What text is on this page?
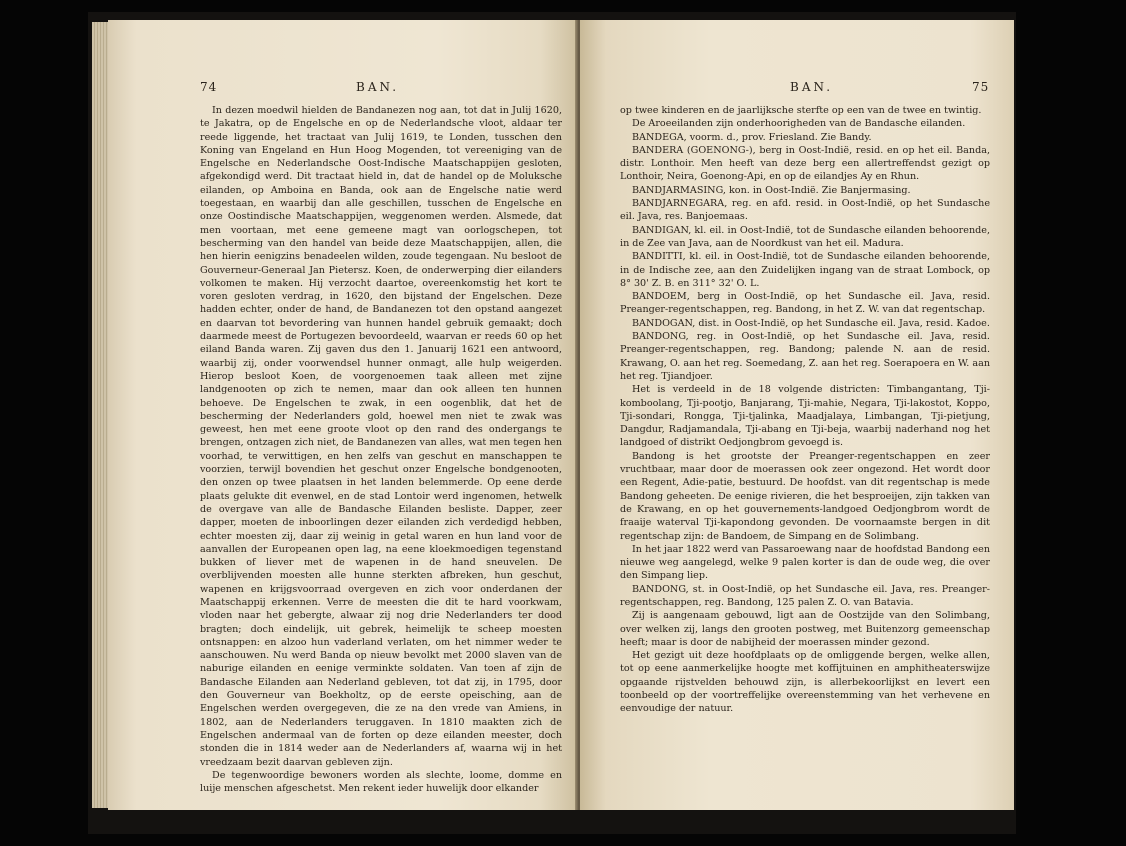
74	BAN.

In dezen moedwil hielden de Bandanezen nog aan, tot dat in Julij 1620, te Jakatra, op de Engelsche en op de Nederlandsche vloot, aldaar ter reede liggende, het tractaat van Julij 1619, te Londen, tusschen den Koning van Engeland en Hun Hoog Mogenden, tot vereeniging van de Engelsche en Nederlandsche Oost-Indische Maatschappijen gesloten, afgekondigd werd. Dit tractaat hield in, dat de handel op de Moluksche eilanden, op Amboina en Banda, ook aan de Engelsche natie werd toegestaan, en waarbij dan alle geschillen, tusschen de Engelsche en onze Oostindische Maatschappijen, weggenomen werden. Alsmede, dat men voortaan, met eene gemeene magt van oorlogschepen, tot bescherming van den handel van beide deze Maatschappijen, allen, die hen hierin eenigzins benadeelen wilden, zoude tegengaan. Nu besloot de Gouverneur-Generaal Jan Pietersz. Koen, de onderwerping dier eilanders volkomen te maken. Hij verzocht daartoe, overeenkomstig het kort te voren gesloten verdrag, in 1620, den bijstand der Engelschen. Deze hadden echter, onder de hand, de Bandanezen tot den opstand aangezet en daarvan tot bevordering van hunnen handel gebruik gemaakt; doch daarmede meest de Portugezen bevoordeeld, waarvan er reeds 60 op het eiland Banda waren. Zij gaven dus den 1. Januarij 1621 een antwoord, waarbij zij, onder voorwendsel hunner onmagt, alle hulp weigerden. Hierop besloot Koen, de voorgenoemen taak alleen met zijne landgenooten op zich te nemen, maar dan ook alleen ten hunnen behoeve. De Engelschen te zwak, in een oogenblik, dat het de bescherming der Nederlanders gold, hoewel men niet te zwak was geweest, hen met eene groote vloot op den rand des ondergangs te brengen, ontzagen zich niet, de Bandanezen van alles, wat men tegen hen voorhad, te verwittigen, en hen zelfs van geschut en manschappen te voorzien, terwijl bovendien het geschut onzer Engelsche bondgenooten, den onzen op twee plaatsen in het landen belemmerde. Op eene derde plaats gelukte dit evenwel, en de stad Lontoir werd ingenomen, hetwelk de overgave van alle de Bandasche Eilanden besliste. Dapper, zeer dapper, moeten de inboorlingen dezer eilanden zich verdedigd hebben, echter moesten zij, daar zij weinig in getal waren en hun land voor de aanvallen der Europeanen open lag, na eene kloekmoedigen tegenstand bukken of liever met de wapenen in de hand sneuvelen. De overblijvenden moesten alle hunne sterkten afbreken, hun geschut, wapenen en krijgsvoorraad overgeven en zich voor onderdanen der Maatschappij erkennen. Verre de meesten die dit te hard voorkwam, vloden naar het gebergte, alwaar zij nog drie Nederlanders ter dood bragten; doch eindelijk, uit gebrek, heimelijk te scheep moesten ontsnappen: en alzoo hun vaderland verlaten, om het nimmer weder te aanschouwen. Nu werd Banda op nieuw bevolkt met 2000 slaven van de naburige eilanden en eenige verminkte soldaten. Van toen af zijn de Bandasche Eilanden aan Nederland gebleven, tot dat zij, in 1795, door den Gouverneur van Boekholtz, op de eerste opeisching, aan de Engelschen werden overgegeven, die ze na den vrede van Amiens, in 1802, aan de Nederlanders teruggaven. In 1810 maakten zich de Engelschen andermaal van de forten op deze eilanden meester, doch stonden die in 1814 weder aan de Nederlanders af, waarna wij in het vreedzaam bezit daarvan gebleven zijn.

De tegenwoordige bewoners worden als slechte, loome, domme en luije menschen afgeschetst. Men rekent ieder huwelijk door elkander

BAN.	75

op twee kinderen en de jaarlijksche sterfte op een van de twee en twintig.

De Aroeeilanden zijn onderhoorigheden van de Bandasche eilanden.

BANDEGA, voorm. d., prov. Friesland. Zie Bandy.

BANDERA (GOENONG-), berg in Oost-Indië, resid. en op het eil. Banda, distr. Lonthoir. Men heeft van deze berg een allertreffendst gezigt op Lonthoir, Neira, Goenong-Api, en op de eilandjes Ay en Rhun.

BANDJARMASING, kon. in Oost-Indië. Zie Banjermasing.

BANDJARNEGARA, reg. en afd. resid. in Oost-Indië, op het Sundasche eil. Java, res. Banjoemaas.

BANDIGAN, kl. eil. in Oost-Indië, tot de Sundasche eilanden behoorende, in de Zee van Java, aan de Noordkust van het eil. Madura.

BANDITTI, kl. eil. in Oost-Indië, tot de Sundasche eilanden behoorende, in de Indische zee, aan den Zuidelijken ingang van de straat Lombock, op 8° 30' Z. B. en 311° 32' O. L.

BANDOEM, berg in Oost-Indië, op het Sundasche eil. Java, resid. Preanger-regentschappen, reg. Bandong, in het Z. W. van dat regentschap.

BANDOGAN, dist. in Oost-Indië, op het Sundasche eil. Java, resid. Kadoe.

BANDONG, reg. in Oost-Indië, op het Sundasche eil. Java, resid. Preanger-regentschappen, reg. Bandong; palende N. aan de resid. Krawang, O. aan het reg. Soemedang, Z. aan het reg. Soerapoera en W. aan het reg. Tjiandjoer.

Het is verdeeld in de 18 volgende districten: Timbangantang, Tji-komboolang, Tji-pootjo, Banjarang, Tji-mahie, Negara, Tji-lakostot, Koppo, Tji-sondari, Rongga, Tji-tjalinka, Maadjalaya, Limbangan, Tji-pietjung, Dangdur, Radjamandala, Tji-abang en Tji-beja, waarbij naderhand nog het landgoed of distrikt Oedjongbrom gevoegd is.

Bandong is het grootste der Preanger-regentschappen en zeer vruchtbaar, maar door de moerassen ook zeer ongezond. Het wordt door een Regent, Adie-patie, bestuurd. De hoofdst. van dit regentschap is mede Bandong geheeten. De eenige rivieren, die het besproeijen, zijn takken van de Krawang, en op het gouvernements-landgoed Oedjongbrom wordt de fraaije waterval Tji-kapondong gevonden. De voornaamste bergen in dit regentschap zijn: de Bandoem, de Simpang en de Solimbang.

In het jaar 1822 werd van Passaroewang naar de hoofdstad Bandong een nieuwe weg aangelegd, welke 9 palen korter is dan de oude weg, die over den Simpang liep.

BANDONG, st. in Oost-Indië, op het Sundasche eil. Java, res. Preanger-regentschappen, reg. Bandong, 125 palen Z. O. van Batavia.

Zij is aangenaam gebouwd, ligt aan de Oostzijde van den Solimbang, over welken zij, langs den grooten postweg, met Buitenzorg gemeenschap heeft; maar is door de nabijheid der moerassen minder gezond.

Het gezigt uit deze hoofdplaats op de omliggende bergen, welke allen, tot op eene aanmerkelijke hoogte met koffijtuinen en amphitheaterswijze opgaande rijstvelden behouwd zijn, is allerbekoorlijkst en levert een toonbeeld op der voortreffelijke overeenstemming van het verhevene en eenvoudige der natuur.
